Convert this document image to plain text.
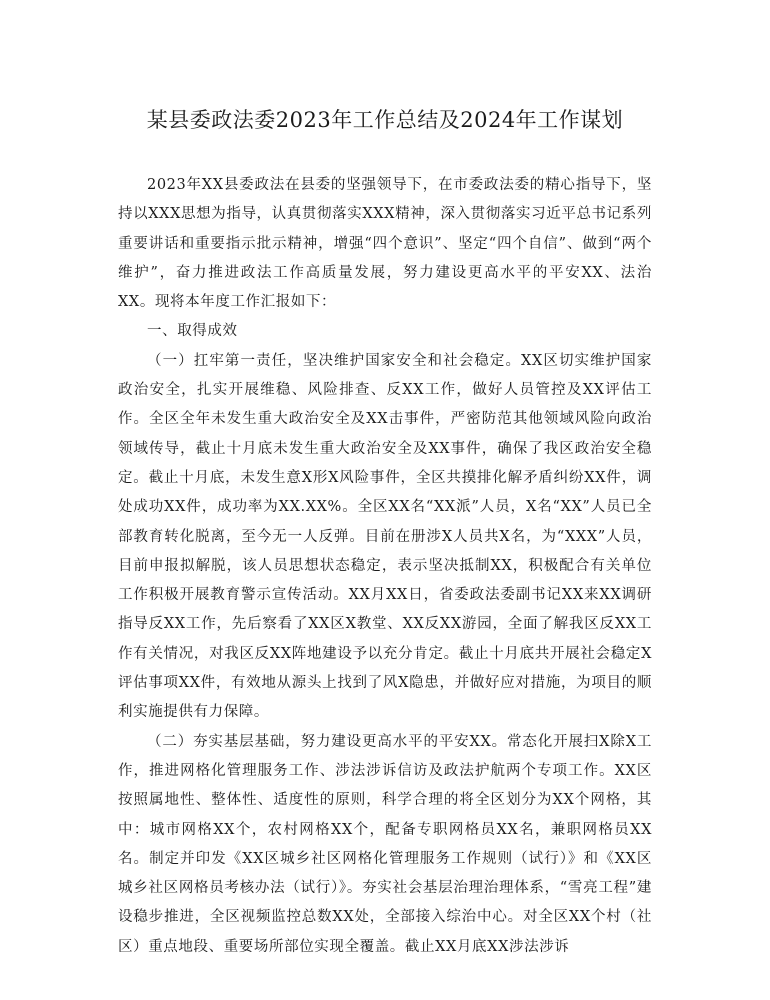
某县委政法委2023年工作总结及2024年工作谋划

2023年XX县委政法在县委的坚强领导下，在市委政法委的精心指导下，坚持以XXX思想为指导，认真贯彻落实XXX精神，深入贯彻落实习近平总书记系列重要讲话和重要指示批示精神，增强“四个意识”、坚定“四个自信”、做到“两个维护”，奋力推进政法工作高质量发展，努力建设更高水平的平安XX、法治XX。现将本年度工作汇报如下：

一、取得成效

（一）扛牢第一责任，坚决维护国家安全和社会稳定。XX区切实维护国家政治安全，扎实开展维稳、风险排查、反XX工作，做好人员管控及XX评估工作。全区全年未发生重大政治安全及XX击事件，严密防范其他领域风险向政治领域传导，截止十月底未发生重大政治安全及XX事件，确保了我区政治安全稳定。截止十月底，未发生意X形X风险事件，全区共摸排化解矛盾纠纷XX件，调处成功XX件，成功率为XX.XX%。全区XX名“XX派”人员，X名“XX”人员已全部教育转化脱离，至今无一人反弹。目前在册涉X人员共X名，为“XXX”人员，目前申报拟解脱，该人员思想状态稳定，表示坚决抵制XX，积极配合有关单位工作积极开展教育警示宣传活动。XX月XX日，省委政法委副书记XX来XX调研指导反XX工作，先后察看了XX区X教堂、XX反XX游园，全面了解我区反XX工作有关情况，对我区反XX阵地建设予以充分肯定。截止十月底共开展社会稳定X评估事项XX件，有效地从源头上找到了风X隐患，并做好应对措施，为项目的顺利实施提供有力保障。

（二）夯实基层基础，努力建设更高水平的平安XX。常态化开展扫X除X工作，推进网格化管理服务工作、涉法涉诉信访及政法护航两个专项工作。XX区按照属地性、整体性、适度性的原则，科学合理的将全区划分为XX个网格，其中：城市网格XX个，农村网格XX个，配备专职网格员XX名，兼职网格员XX名。制定并印发《XX区城乡社区网格化管理服务工作规则（试行）》和《XX区城乡社区网格员考核办法（试行）》。夯实社会基层治理治理体系，“雪亮工程”建设稳步推进，全区视频监控总数XX处，全部接入综治中心。对全区XX个村（社区）重点地段、重要场所部位实现全覆盖。截止XX月底XX涉法涉诉
